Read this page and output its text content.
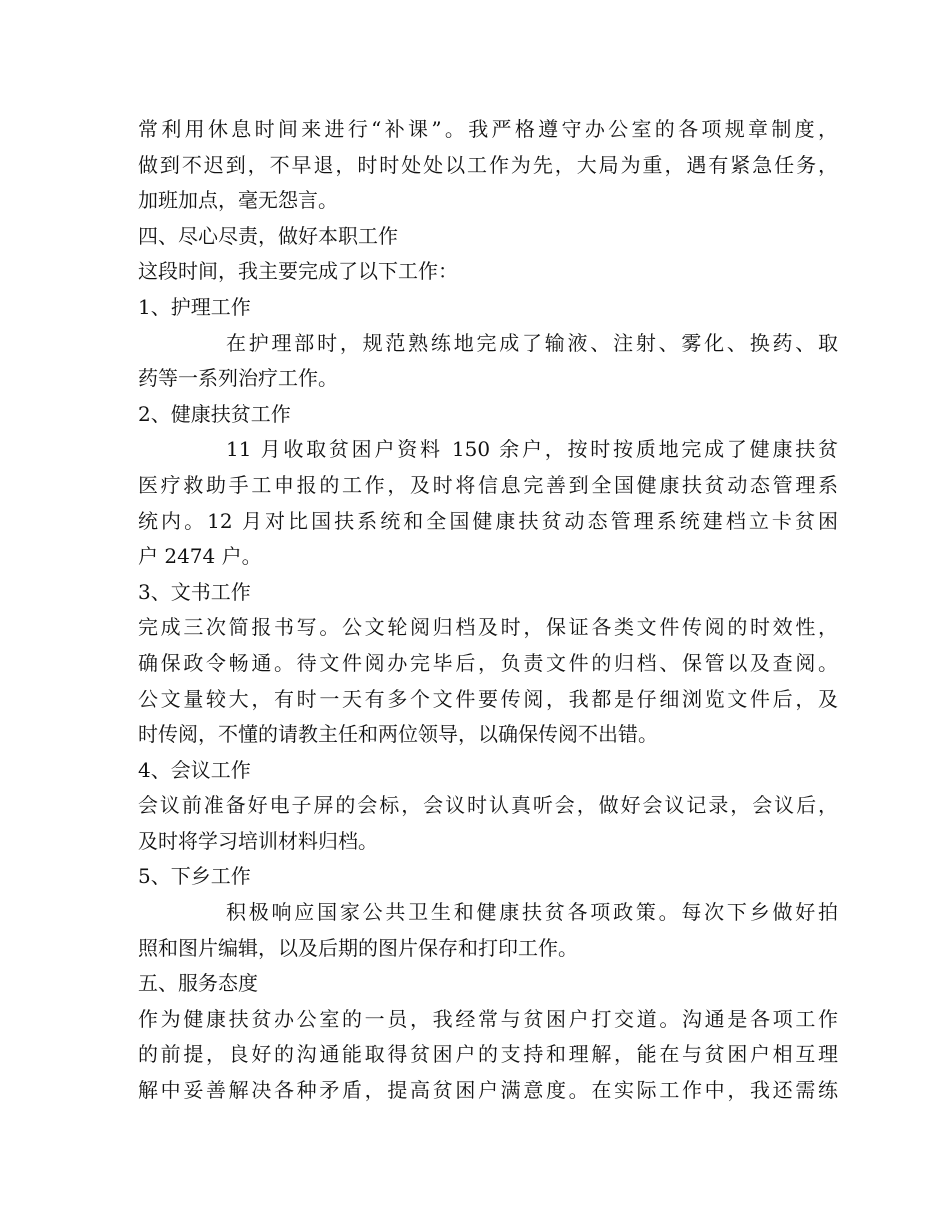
常利用休息时间来进行“补课”。我严格遵守办公室的各项规章制度，
做到不迟到，不早退，时时处处以工作为先，大局为重，遇有紧急任务，
加班加点，毫无怨言。
四、尽心尽责，做好本职工作
这段时间，我主要完成了以下工作：
1、护理工作
在护理部时，规范熟练地完成了输液、注射、雾化、换药、取
药等一系列治疗工作。
2、健康扶贫工作
11 月收取贫困户资料 150 余户，按时按质地完成了健康扶贫
医疗救助手工申报的工作，及时将信息完善到全国健康扶贫动态管理系
统内。12 月对比国扶系统和全国健康扶贫动态管理系统建档立卡贫困
户 2474 户。
3、文书工作
完成三次简报书写。公文轮阅归档及时，保证各类文件传阅的时效性，
确保政令畅通。待文件阅办完毕后，负责文件的归档、保管以及查阅。
公文量较大，有时一天有多个文件要传阅，我都是仔细浏览文件后，及
时传阅，不懂的请教主任和两位领导，以确保传阅不出错。
4、会议工作
会议前准备好电子屏的会标，会议时认真听会，做好会议记录，会议后，
及时将学习培训材料归档。
5、下乡工作
积极响应国家公共卫生和健康扶贫各项政策。每次下乡做好拍
照和图片编辑，以及后期的图片保存和打印工作。
五、服务态度
作为健康扶贫办公室的一员，我经常与贫困户打交道。沟通是各项工作
的前提，良好的沟通能取得贫困户的支持和理解，能在与贫困户相互理
解中妥善解决各种矛盾，提高贫困户满意度。在实际工作中，我还需练
